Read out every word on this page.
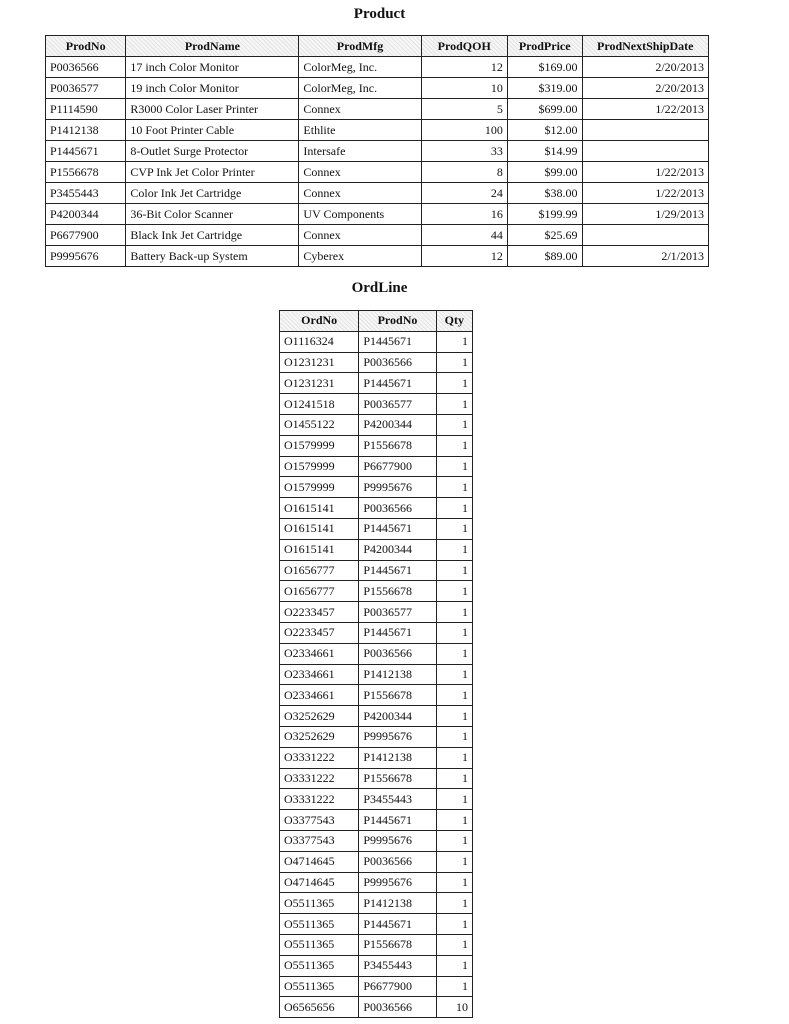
Product
ProdNo	ProdName	ProdMfg	ProdQOH	ProdPrice	ProdNextShipDate
P0036566	17 inch Color Monitor	ColorMeg, Inc.	12	$169.00	2/20/2013
P0036577	19 inch Color Monitor	ColorMeg, Inc.	10	$319.00	2/20/2013
P1114590	R3000 Color Laser Printer	Connex	5	$699.00	1/22/2013
P1412138	10 Foot Printer Cable	Ethlite	100	$12.00	
P1445671	8-Outlet Surge Protector	Intersafe	33	$14.99	
P1556678	CVP Ink Jet Color Printer	Connex	8	$99.00	1/22/2013
P3455443	Color Ink Jet Cartridge	Connex	24	$38.00	1/22/2013
P4200344	36-Bit Color Scanner	UV Components	16	$199.99	1/29/2013
P6677900	Black Ink Jet Cartridge	Connex	44	$25.69	
P9995676	Battery Back-up System	Cyberex	12	$89.00	2/1/2013
OrdLine
OrdNo	ProdNo	Qty
O1116324	P1445671	1
O1231231	P0036566	1
O1231231	P1445671	1
O1241518	P0036577	1
O1455122	P4200344	1
O1579999	P1556678	1
O1579999	P6677900	1
O1579999	P9995676	1
O1615141	P0036566	1
O1615141	P1445671	1
O1615141	P4200344	1
O1656777	P1445671	1
O1656777	P1556678	1
O2233457	P0036577	1
O2233457	P1445671	1
O2334661	P0036566	1
O2334661	P1412138	1
O2334661	P1556678	1
O3252629	P4200344	1
O3252629	P9995676	1
O3331222	P1412138	1
O3331222	P1556678	1
O3331222	P3455443	1
O3377543	P1445671	1
O3377543	P9995676	1
O4714645	P0036566	1
O4714645	P9995676	1
O5511365	P1412138	1
O5511365	P1445671	1
O5511365	P1556678	1
O5511365	P3455443	1
O5511365	P6677900	1
O6565656	P0036566	10
